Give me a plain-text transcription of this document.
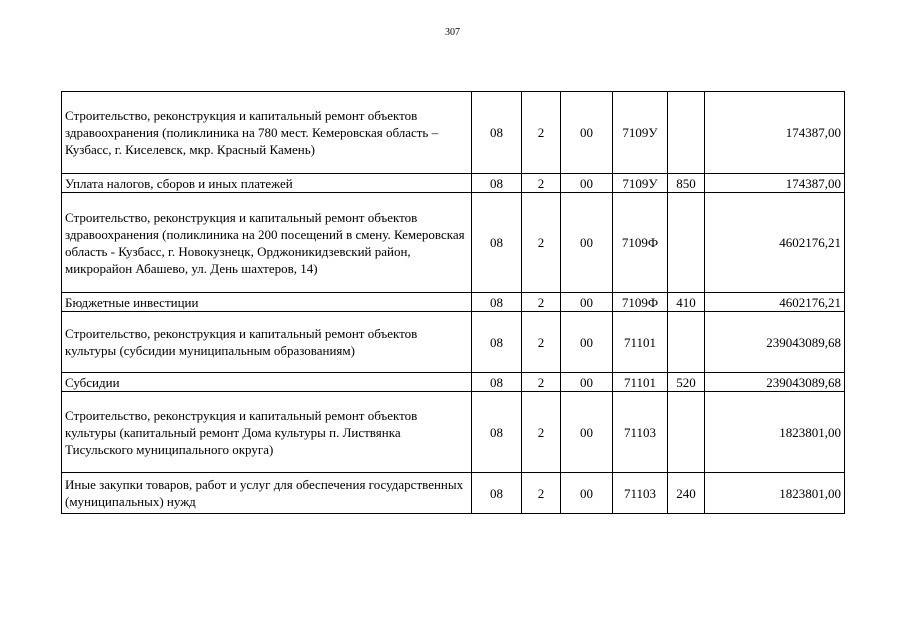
307
Строительство, реконструкция и капитальный ремонт объектов здравоохранения (поликлиника на 780 мест. Кемеровская область – Кузбасс, г. Киселевск, мкр. Красный Камень)	08	2	00	7109У		174387,00
Уплата налогов, сборов и иных платежей	08	2	00	7109У	850	174387,00
Строительство, реконструкция и капитальный ремонт объектов здравоохранения (поликлиника на 200 посещений в смену. Кемеровская область - Кузбасс, г. Новокузнецк, Орджоникидзевский район, микрорайон Абашево, ул. День шахтеров, 14)	08	2	00	7109Ф		4602176,21
Бюджетные инвестиции	08	2	00	7109Ф	410	4602176,21
Строительство, реконструкция и капитальный ремонт объектов культуры (субсидии муниципальным образованиям)	08	2	00	71101		239043089,68
Субсидии	08	2	00	71101	520	239043089,68
Строительство, реконструкция и капитальный ремонт объектов культуры (капитальный ремонт Дома культуры п. Листвянка Тисульского муниципального округа)	08	2	00	71103		1823801,00
Иные закупки товаров, работ и услуг для обеспечения государственных (муниципальных) нужд	08	2	00	71103	240	1823801,00
